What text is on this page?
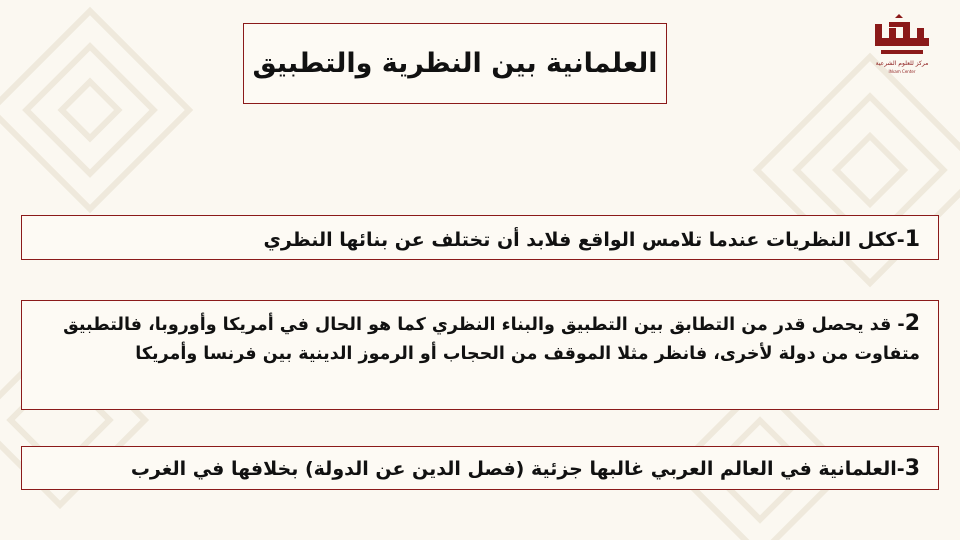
العلمانية بين النظرية والتطبيق	مركز للعلوم الشرعية
Ihkam Center
1-ككل النظريات عندما تلامس الواقع فلابد أن تختلف عن بنائها النظري
2- قد يحصل قدر من التطابق بين التطبيق والبناء النظري كما هو الحال في أمريكا وأوروبا، فالتطبيق متفاوت من دولة لأخرى، فانظر مثلا الموقف من الحجاب أو الرموز الدينية بين فرنسا وأمريكا
3-العلمانية في العالم العربي غالبها جزئية (فصل الدين عن الدولة) بخلافها في الغرب
